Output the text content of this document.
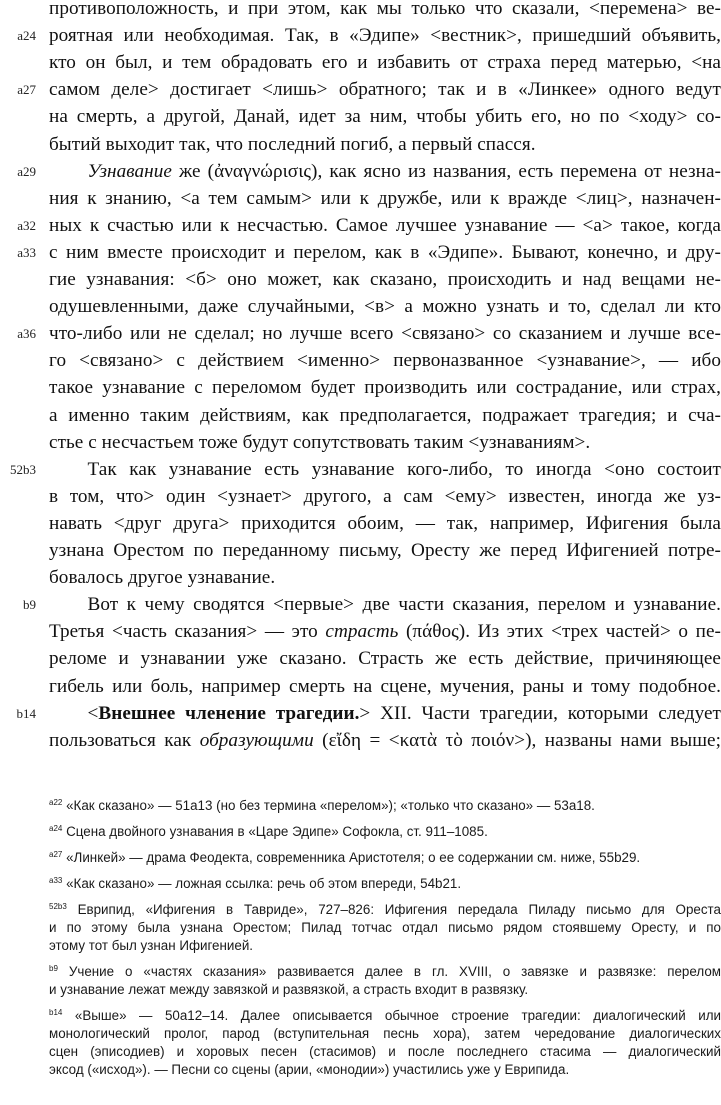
противоположность, и при этом, как мы только что сказали, <перемена> ве-
роятная или необходимая. Так, в «Эдипе» <вестник>, пришедший объявить,
кто он был, и тем обрадовать его и избавить от страха перед матерью, <на
самом деле> достигает <лишь> обратного; так и в «Линкее» одного ведут
на смерть, а другой, Данай, идет за ним, чтобы убить его, но по <ходу> со-
бытий выходит так, что последний погиб, а первый спасся.
  Узнавание же (ἀναγνώρισις), как ясно из названия, есть перемена от незна-
ния к знанию, <а тем самым> или к дружбе, или к вражде <лиц>, назначен-
ных к счастью или к несчастью. Самое лучшее узнавание — <а> такое, когда
с ним вместе происходит и перелом, как в «Эдипе». Бывают, конечно, и дру-
гие узнавания: <б> оно может, как сказано, происходить и над вещами не-
одушевленными, даже случайными, <в> а можно узнать и то, сделал ли кто
что-либо или не сделал; но лучше всего <связано> со сказанием и лучше все-
го <связано> с действием <именно> первоназванное <узнавание>, — ибо
такое узнавание с переломом будет производить или сострадание, или страх,
а именно таким действиям, как предполагается, подражает трагедия; и сча-
стье с несчастьем тоже будут сопутствовать таким <узнаваниям>.
  Так как узнавание есть узнавание кого-либо, то иногда <оно состоит
в том, что> один <узнает> другого, а сам <ему> известен, иногда же уз-
навать <друг друга> приходится обоим, — так, например, Ифигения была
узнана Орестом по переданному письму, Оресту же перед Ифигенией потре-
бовалось другое узнавание.
  Вот к чему сводятся <первые> две части сказания, перелом и узнавание.
Третья <часть сказания> — это страсть (πάθος). Из этих <трех частей> о пе-
реломе и узнавании уже сказано. Страсть же есть действие, причиняющее
гибель или боль, например смерть на сцене, мучения, раны и тому подобное.
  <Внешнее членение трагедии.> XII. Части трагедии, которыми следует
пользоваться как образующими (εἴδη = <κατὰ τὸ ποιόν>), названы нами выше;
a24
a27
a29
a32
a33
a36
52b3
b9
b14
$^{a22}$ «Как сказано» — 51а13 (но без термина «перелом»); «только что сказано» — 53а18.
$^{a24}$ Сцена двойного узнавания в «Царе Эдипе» Софокла, ст. 911–1085.
$^{a27}$ «Линкей» — драма Феодекта, современника Аристотеля; о ее содержании см. ниже, 55b29.
$^{a33}$ «Как сказано» — ложная ссылка: речь об этом впереди, 54b21.
$^{52b3}$ Еврипид, «Ифигения в Тавриде», 727–826: Ифигения передала Пиладу письмо для Ореста
и по этому была узнана Орестом; Пилад тотчас отдал письмо рядом стоявшему Оресту, и по
этому тот был узнан Ифигенией.
$^{b9}$ Учение о «частях сказания» развивается далее в гл. XVIII, о завязке и развязке: перелом
и узнавание лежат между завязкой и развязкой, а страсть входит в развязку.
$^{b14}$ «Выше» — 50а12–14. Далее описывается обычное строение трагедии: диалогический или
монологический пролог, парод (вступительная песнь хора), затем чередование диалогических
сцен (эписодиев) и хоровых песен (стасимов) и после последнего стасима — диалогический
эксод («исход»). — Песни со сцены (арии, «монодии») участились уже у Еврипида.
